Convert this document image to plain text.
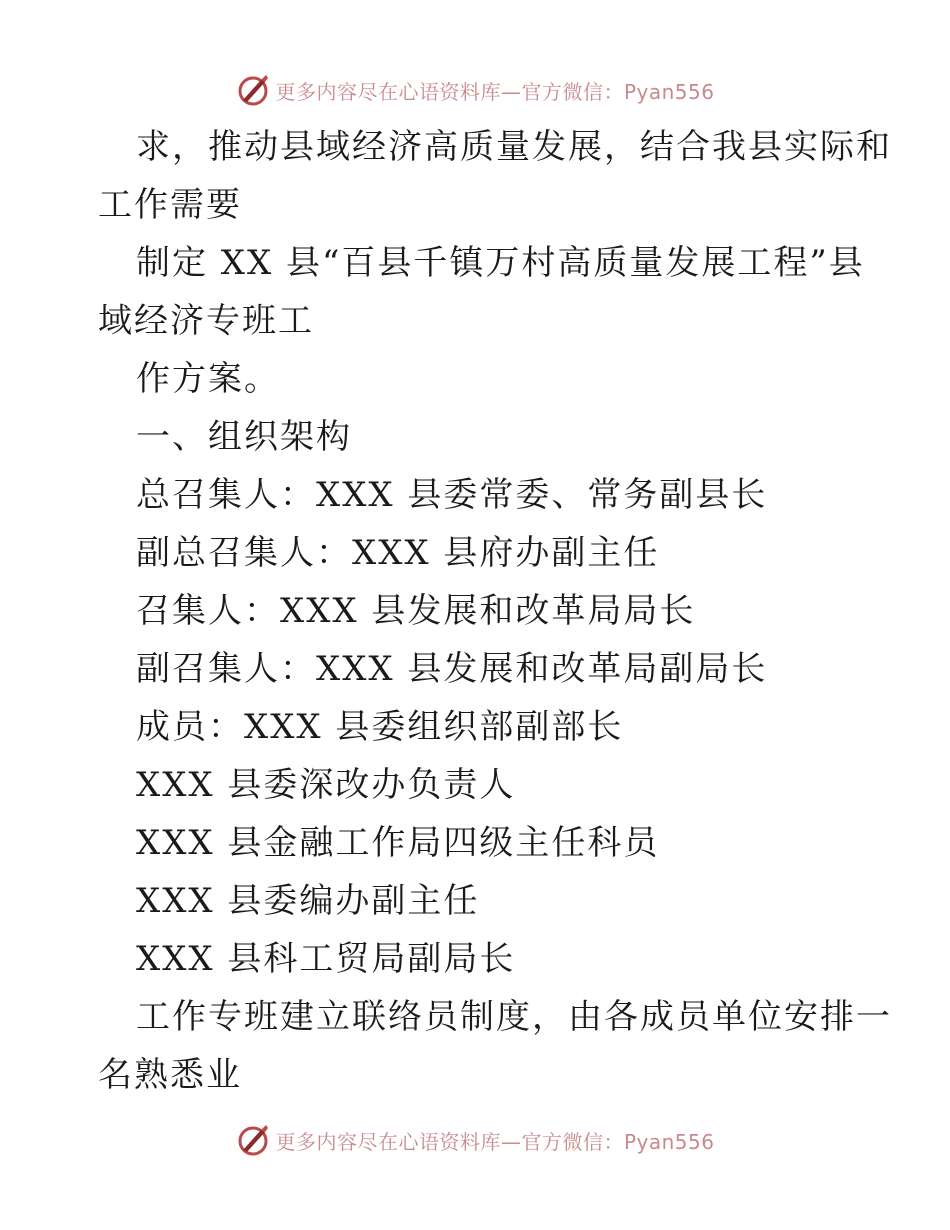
更多内容尽在心语资料库—官方微信：Pyan556
求，推动县域经济高质量发展，结合我县实际和
工作需要
制定 XX 县“百县千镇万村高质量发展工程”县
域经济专班工
作方案。
一、组织架构
总召集人：XXX 县委常委、常务副县长
副总召集人：XXX 县府办副主任
召集人：XXX 县发展和改革局局长
副召集人：XXX 县发展和改革局副局长
成员：XXX 县委组织部副部长
XXX 县委深改办负责人
XXX 县金融工作局四级主任科员
XXX 县委编办副主任
XXX 县科工贸局副局长
工作专班建立联络员制度，由各成员单位安排一
名熟悉业
更多内容尽在心语资料库—官方微信：Pyan556
